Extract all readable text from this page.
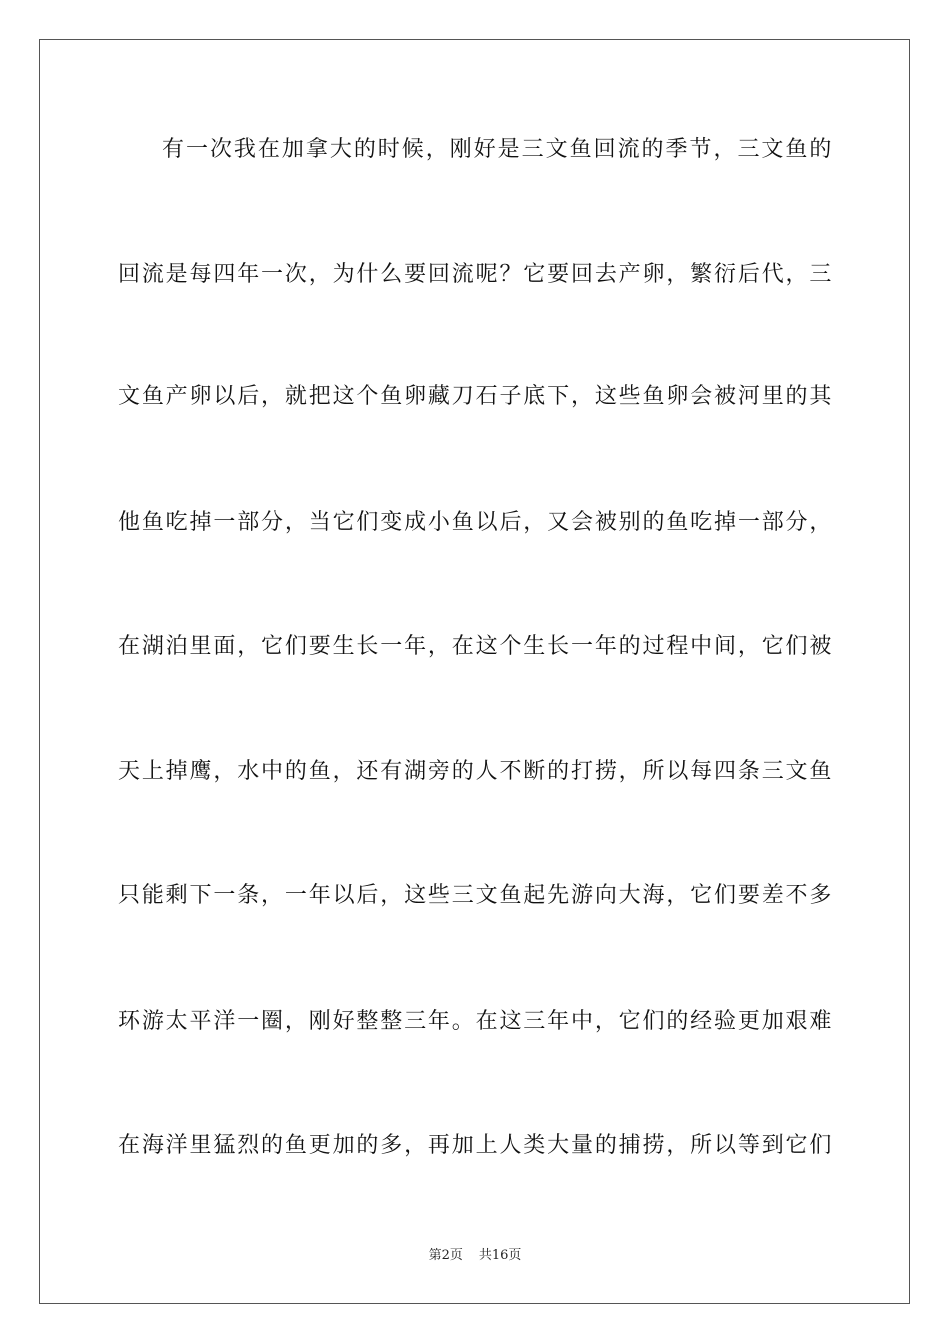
有一次我在加拿大的时候，刚好是三文鱼回流的季节，三文鱼的
回流是每四年一次，为什么要回流呢？它要回去产卵，繁衍后代，三
文鱼产卵以后，就把这个鱼卵藏刀石子底下，这些鱼卵会被河里的其
他鱼吃掉一部分，当它们变成小鱼以后，又会被别的鱼吃掉一部分，
在湖泊里面，它们要生长一年，在这个生长一年的过程中间，它们被
天上掉鹰，水中的鱼，还有湖旁的人不断的打捞，所以每四条三文鱼
只能剩下一条，一年以后，这些三文鱼起先游向大海，它们要差不多
环游太平洋一圈，刚好整整三年。在这三年中，它们的经验更加艰难
在海洋里猛烈的鱼更加的多，再加上人类大量的捕捞，所以等到它们
第2页 共16页
